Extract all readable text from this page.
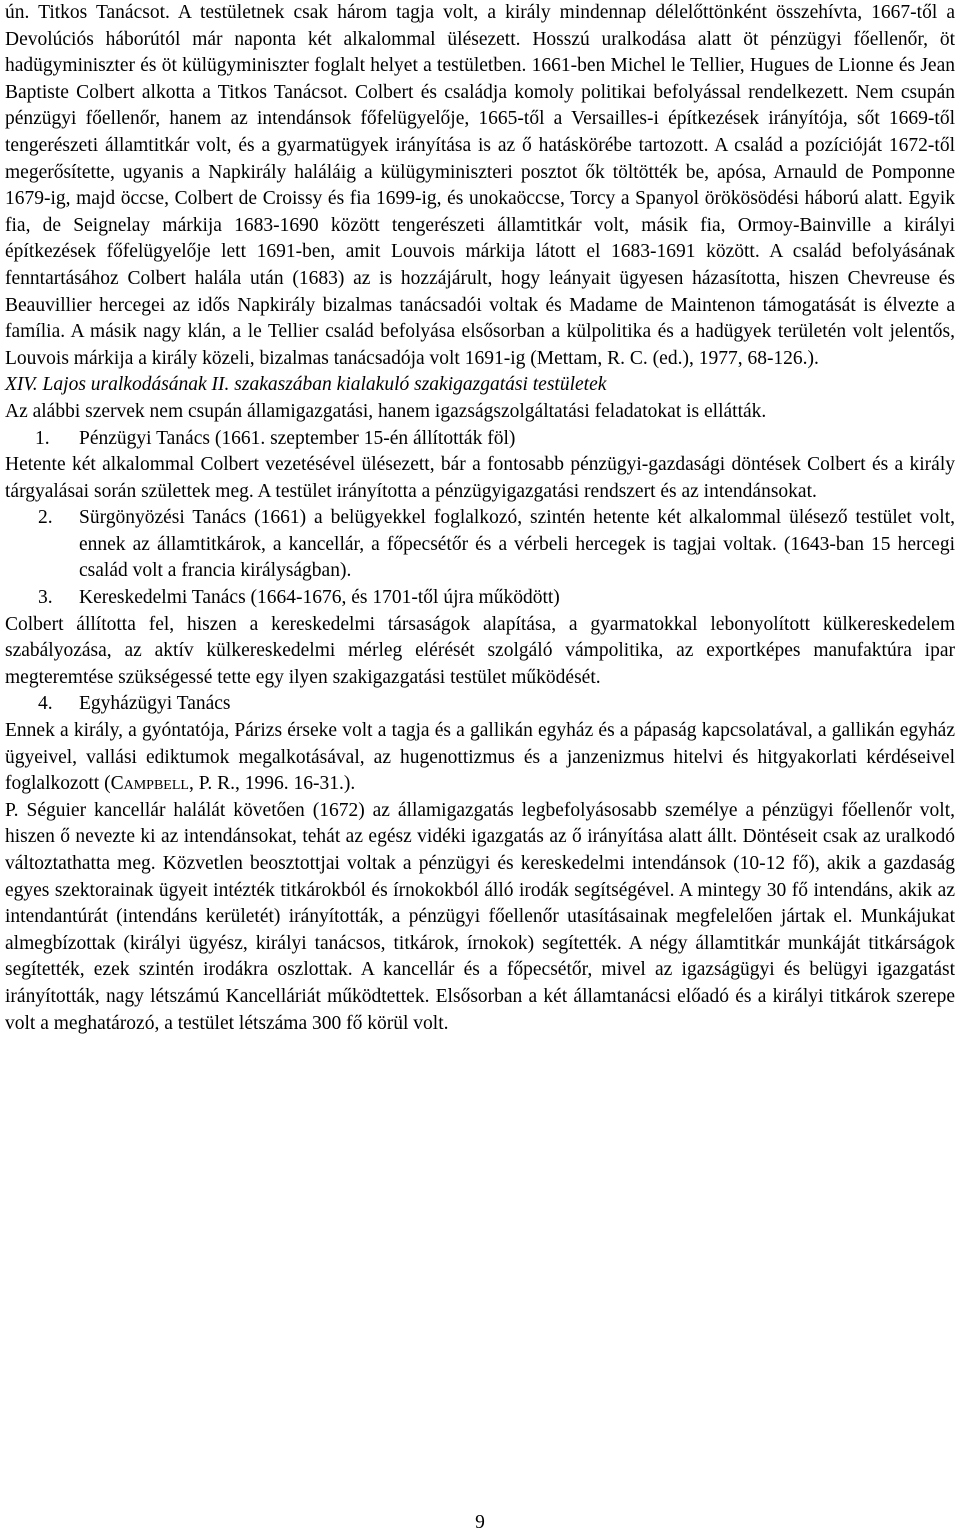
ún. Titkos Tanácsot. A testületnek csak három tagja volt, a király mindennap délelőttönként összehívta, 1667-től a Devolúciós háborútól már naponta két alkalommal ülésezett. Hosszú uralkodása alatt öt pénzügyi főellenőr, öt hadügyminiszter és öt külügyminiszter foglalt helyet a testületben. 1661-ben Michel le Tellier, Hugues de Lionne és Jean Baptiste Colbert alkotta a Titkos Tanácsot. Colbert és családja komoly politikai befolyással rendelkezett. Nem csupán pénzügyi főellenőr, hanem az intendánsok főfelügyelője, 1665-től a Versailles-i építkezések irányítója, sőt 1669-től tengerészeti államtitkár volt, és a gyarmatügyek irányítása is az ő hatáskörébe tartozott. A család a pozícióját 1672-től megerősítette, ugyanis a Napkirály haláláig a külügyminiszteri posztot ők töltötték be, apósa, Arnauld de Pomponne 1679-ig, majd öccse, Colbert de Croissy és fia 1699-ig, és unokaöccse, Torcy a Spanyol örökösödési háború alatt. Egyik fia, de Seignelay márkija 1683-1690 között tengerészeti államtitkár volt, másik fia, Ormoy-Bainville a királyi építkezések főfelügyelője lett 1691-ben, amit Louvois márkija látott el 1683-1691 között. A család befolyásának fenntartásához Colbert halála után (1683) az is hozzájárult, hogy leányait ügyesen házasította, hiszen Chevreuse és Beauvillier hercegei az idős Napkirály bizalmas tanácsadói voltak és Madame de Maintenon támogatását is élvezte a família. A másik nagy klán, a le Tellier család befolyása elsősorban a külpolitika és a hadügyek területén volt jelentős, Louvois márkija a király közeli, bizalmas tanácsadója volt 1691-ig (Mettam, R. C. (ed.), 1977, 68-126.).

XIV. Lajos uralkodásának II. szakaszában kialakuló szakigazgatási testületek

Az alábbi szervek nem csupán államigazgatási, hanem igazságszolgáltatási feladatokat is ellátták.

1. Pénzügyi Tanács (1661. szeptember 15-én állították föl)

Hetente két alkalommal Colbert vezetésével ülésezett, bár a fontosabb pénzügyi-gazdasági döntések Colbert és a király tárgyalásai során születtek meg. A testület irányította a pénzügyigazgatási rendszert és az intendánsokat.

2. Sürgönyözési Tanács (1661) a belügyekkel foglalkozó, szintén hetente két alkalommal ülésező testület volt, ennek az államtitkárok, a kancellár, a főpecsétőr és a vérbeli hercegek is tagjai voltak. (1643-ban 15 hercegi család volt a francia királyságban).
3. Kereskedelmi Tanács (1664-1676, és 1701-től újra működött)

Colbert állította fel, hiszen a kereskedelmi társaságok alapítása, a gyarmatokkal lebonyolított külkereskedelem szabályozása, az aktív külkereskedelmi mérleg elérését szolgáló vámpolitika, az exportképes manufaktúra ipar megteremtése szükségessé tette egy ilyen szakigazgatási testület működését.

4. Egyházügyi Tanács

Ennek a király, a gyóntatója, Párizs érseke volt a tagja és a gallikán egyház és a pápaság kapcsolatával, a gallikán egyház ügyeivel, vallási ediktumok megalkotásával, az hugenottizmus és a janzenizmus hitelvi és hitgyakorlati kérdéseivel foglalkozott (Campbell, P. R., 1996. 16-31.).

P. Séguier kancellár halálát követően (1672) az államigazgatás legbefolyásosabb személye a pénzügyi főellenőr volt, hiszen ő nevezte ki az intendánsokat, tehát az egész vidéki igazgatás az ő irányítása alatt állt. Döntéseit csak az uralkodó változtathatta meg. Közvetlen beosztottjai voltak a pénzügyi és kereskedelmi intendánsok (10-12 fő), akik a gazdaság egyes szektorainak ügyeit intézték titkárokból és írnokokból álló irodák segítségével. A mintegy 30 fő intendáns, akik az intendantúrát (intendáns kerületét) irányították, a pénzügyi főellenőr utasításainak megfelelően jártak el. Munkájukat almegbízottak (királyi ügyész, királyi tanácsos, titkárok, írnokok) segítették. A négy államtitkár munkáját titkárságok segítették, ezek szintén irodákra oszlottak. A kancellár és a főpecsétőr, mivel az igazságügyi és belügyi igazgatást irányították, nagy létszámú Kancelláriát működtettek. Elsősorban a két államtanácsi előadó és a királyi titkárok szerepe volt a meghatározó, a testület létszáma 300 fő körül volt.

9
